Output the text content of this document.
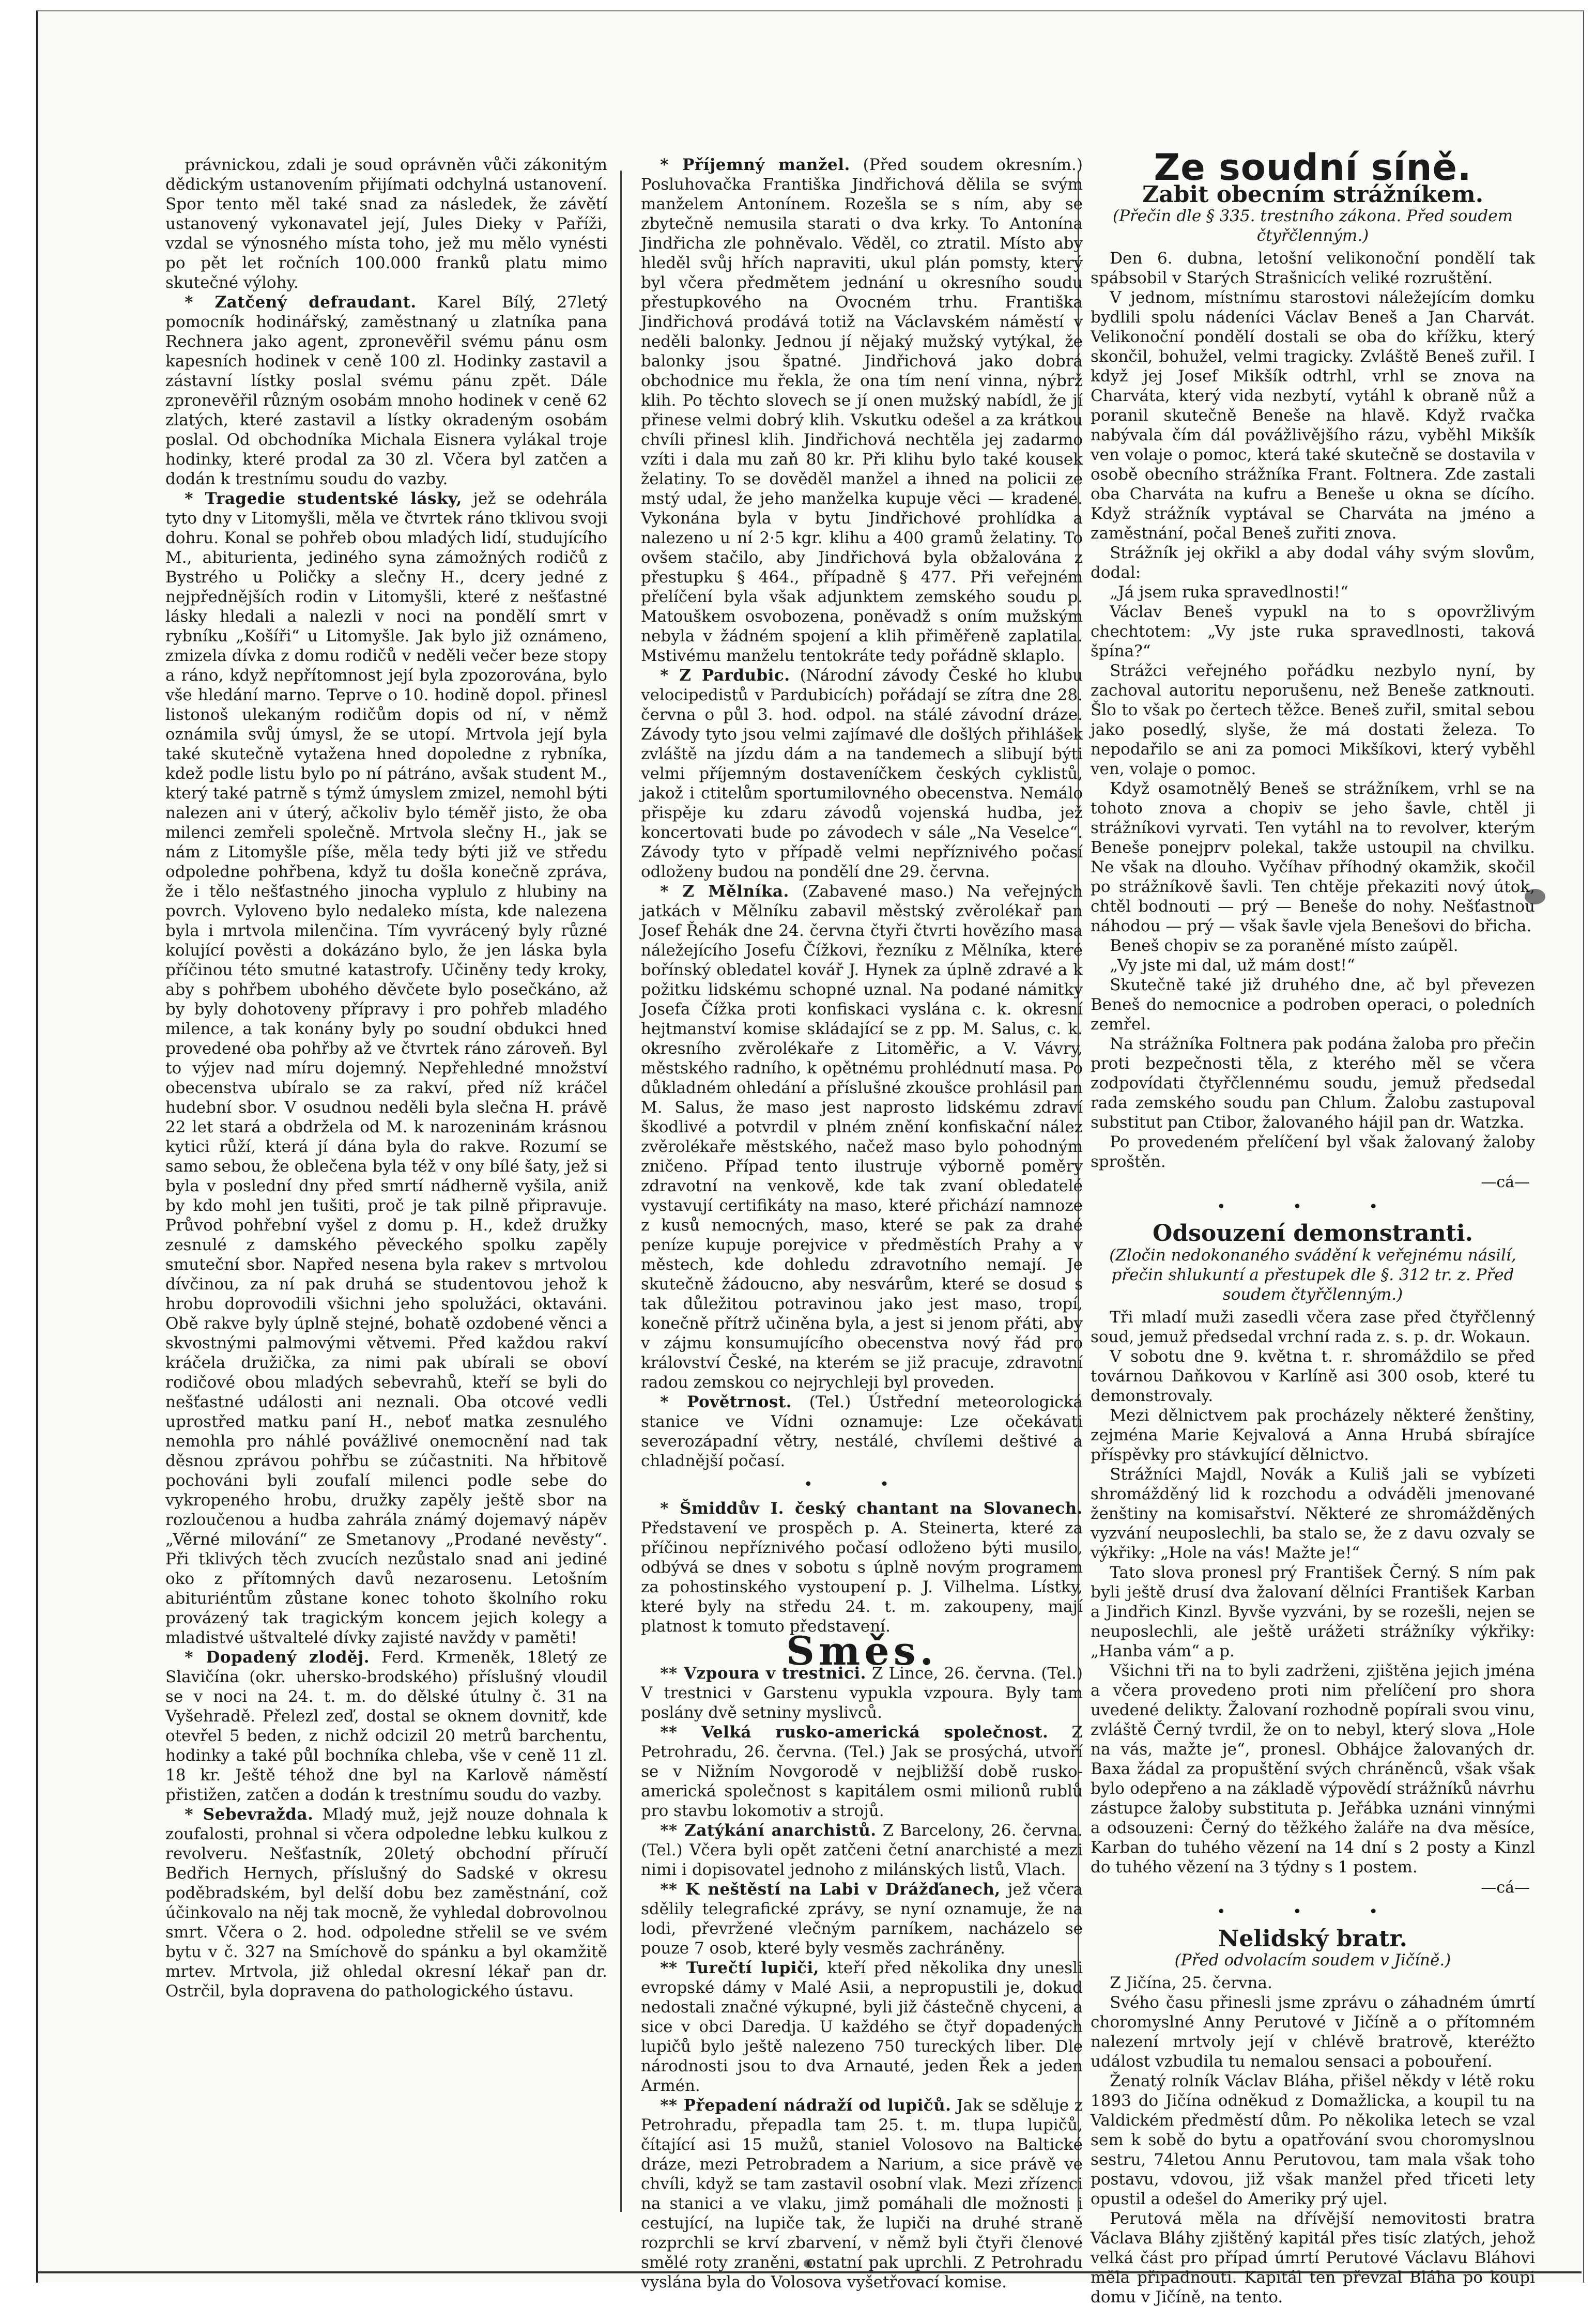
právnickou, zdali je soud oprávněn vůči zákonitým dědickým ustanovením přijímati odchylná ustanovení. Spor tento měl také snad za následek, že závětí ustanovený vykonavatel její, Jules Dieky v Paříži, vzdal se výnosného místa toho, jež mu mělo vynésti po pět let ročních 100.000 franků platu mimo skutečné výlohy.

* Zatčený defraudant. Karel Bílý, 27letý pomocník hodinářský, zaměstnaný u zlatníka pana Rechnera jako agent, zpronevěřil svému pánu osm kapesních hodinek v ceně 100 zl. Hodinky zastavil a zástavní lístky poslal svému pánu zpět. Dále zpronevěřil různým osobám mnoho hodinek v ceně 62 zlatých, které zastavil a lístky okradeným osobám poslal. Od obchodníka Michala Eisnera vylákal troje hodinky, které prodal za 30 zl. Včera byl zatčen a dodán k trestnímu soudu do vazby.

* Tragedie studentské lásky, jež se odehrála tyto dny v Litomyšli, měla ve čtvrtek ráno tklivou svoji dohru. Konal se pohřeb obou mladých lidí, studujícího M., abiturienta, jediného syna zámožných rodičů z Bystrého u Poličky a slečny H., dcery jedné z nejpřednějších rodin v Litomyšli, které z nešťastné lásky hledali a nalezli v noci na pondělí smrt v rybníku „Košíři“ u Litomyšle. Jak bylo již oznámeno, zmizela dívka z domu rodičů v neděli večer beze stopy a ráno, když nepřítomnost její byla zpozorována, bylo vše hledání marno. Teprve o 10. hodině dopol. přinesl listonoš ulekaným rodičům dopis od ní, v němž oznámila svůj úmysl, že se utopí. Mrtvola její byla také skutečně vytažena hned dopoledne z rybníka, kdež podle listu bylo po ní pátráno, avšak student M., který také patrně s týmž úmyslem zmizel, nemohl býti nalezen ani v úterý, ačkoliv bylo téměř jisto, že oba milenci zemřeli společně. Mrtvola slečny H., jak se nám z Litomyšle píše, měla tedy býti již ve středu odpoledne pohřbena, když tu došla konečně zpráva, že i tělo nešťastného jinocha vyplulo z hlubiny na povrch. Vyloveno bylo nedaleko místa, kde nalezena byla i mrtvola milenčina. Tím vyvrácený byly různé kolující pověsti a dokázáno bylo, že jen láska byla příčinou této smutné katastrofy. Učiněny tedy kroky, aby s pohřbem ubohého děvčete bylo posečkáno, až by byly dohotoveny přípravy i pro pohřeb mladého milence, a tak konány byly po soudní obdukci hned provedené oba pohřby až ve čtvrtek ráno zároveň. Byl to výjev nad míru dojemný. Nepřehledné množství obecenstva ubíralo se za rakví, před níž kráčel hudební sbor. V osudnou neděli byla slečna H. právě 22 let stará a obdržela od M. k narozeninám krásnou kytici růží, která jí dána byla do rakve. Rozumí se samo sebou, že oblečena byla též v ony bílé šaty, jež si byla v poslední dny před smrtí nádherně vyšila, aniž by kdo mohl jen tušiti, proč je tak pilně připravuje. Průvod pohřební vyšel z domu p. H., kdež družky zesnulé z damského pěveckého spolku zapěly smuteční sbor. Napřed nesena byla rakev s mrtvolou dívčinou, za ní pak druhá se studentovou jehož k hrobu doprovodili všichni jeho spolužáci, oktaváni. Obě rakve byly úplně stejné, bohatě ozdobené věnci a skvostnými palmovými větvemi. Před každou rakví kráčela družička, za nimi pak ubírali se oboví rodičové obou mladých sebevrahů, kteří se byli do nešťastné události ani neznali. Oba otcové vedli uprostřed matku paní H., neboť matka zesnulého nemohla pro náhlé povážlivé onemocnění nad tak děsnou zprávou pohřbu se zúčastniti. Na hřbitově pochováni byli zoufalí milenci podle sebe do vykropeného hrobu, družky zapěly ještě sbor na rozloučenou a hudba zahrála známý dojemavý nápěv „Věrné milování“ ze Smetanovy „Prodané nevěsty“. Při tklivých těch zvucích nezůstalo snad ani jediné oko z přítomných davů nezarosenu. Letošním abituriéntům zůstane konec tohoto školního roku provázený tak tragickým koncem jejich kolegy a mladistvé uštvaltelé dívky zajisté navždy v paměti!

* Dopadený zloděj. Ferd. Krmeněk, 18letý ze Slavičína (okr. uhersko-brodského) příslušný vloudil se v noci na 24. t. m. do dělské útulny č. 31 na Vyšehradě. Přelezl zeď, dostal se oknem dovnitř, kde otevřel 5 beden, z nichž odcizil 20 metrů barchentu, hodinky a také půl bochníka chleba, vše v ceně 11 zl. 18 kr. Ještě téhož dne byl na Karlově náměstí přistižen, zatčen a dodán k trestnímu soudu do vazby.

* Sebevražda. Mladý muž, jejž nouze dohnala k zoufalosti, prohnal si včera odpoledne lebku kulkou z revolveru. Nešťastník, 20letý obchodní příručí Bedřich Hernych, příslušný do Sadské v okresu poděbradském, byl delší dobu bez zaměstnání, což účinkovalo na něj tak mocně, že vyhledal dobrovolnou smrt. Včera o 2. hod. odpoledne střelil se ve svém bytu v č. 327 na Smíchově do spánku a byl okamžitě mrtev. Mrtvola, již ohledal okresní lékař pan dr. Ostrčil, byla dopravena do pathologického ústavu.

* Příjemný manžel. (Před soudem okresním.) Posluhovačka Františka Jindřichová dělila se svým manželem Antonínem. Rozešla se s ním, aby se zbytečně nemusila starati o dva krky. To Antonína Jindřicha zle pohněvalo. Věděl, co ztratil. Místo aby hleděl svůj hřích napraviti, ukul plán pomsty, který byl včera předmětem jednání u okresního soudu přestupkového na Ovocném trhu. Františka Jindřichová prodává totiž na Václavském náměstí v neděli balonky. Jednou jí nějaký mužský vytýkal, že balonky jsou špatné. Jindřichová jako dobrá obchodnice mu řekla, že ona tím není vinna, nýbrž klih. Po těchto slovech se jí onen mužský nabídl, že jí přinese velmi dobrý klih. Vskutku odešel a za krátkou chvíli přinesl klih. Jindřichová nechtěla jej zadarmo vzíti i dala mu zaň 80 kr. Při klihu bylo také kousek želatiny. To se dověděl manžel a ihned na policii ze mstý udal, že jeho manželka kupuje věci — kradené. Vykonána byla v bytu Jindřichové prohlídka a nalezeno u ní 2·5 kgr. klihu a 400 gramů želatiny. To ovšem stačilo, aby Jindřichová byla obžalována z přestupku § 464., případně § 477. Při veřejném přelíčení byla však adjunktem zemského soudu p. Matouškem osvobozena, poněvadž s oním mužským nebyla v žádném spojení a klih přiměřeně zaplatila. Mstivému manželu tentokráte tedy pořádně sklaplo.

* Z Pardubic. (Národní závody České ho klubu velocipedistů v Pardubicích) pořádají se zítra dne 28. června o půl 3. hod. odpol. na stálé závodní dráze. Závody tyto jsou velmi zajímavé dle došlých přihlášek zvláště na jízdu dám a na tandemech a slibují býti velmi příjemným dostaveníčkem českých cyklistů, jakož i ctitelům sportumilovného obecenstva. Nemálo přispěje ku zdaru závodů vojenská hudba, jež koncertovati bude po závodech v sále „Na Veselce“. Závody tyto v případě velmi nepříznivého počasí odloženy budou na pondělí dne 29. června.

* Z Mělníka. (Zabavené maso.) Na veřejných jatkách v Mělníku zabavil městský zvěrolékař pan Josef Řehák dne 24. června čtyři čtvrti hovězího masa náležejícího Josefu Čížkovi, řezníku z Mělníka, které bořínský obledatel kovář J. Hynek za úplně zdravé a k požitku lidskému schopné uznal. Na podané námitky Josefa Čížka proti konfiskaci vyslána c. k. okresní hejtmanství komise skládající se z pp. M. Salus, c. k. okresního zvěrolékaře z Litoměřic, a V. Vávry, městského radního, k opětnému prohlédnutí masa. Po důkladném ohledání a příslušné zkoušce prohlásil pan M. Salus, že maso jest naprosto lidskému zdraví škodlivé a potvrdil v plném znění konfiskační nález zvěrolékaře městského, načež maso bylo pohodným zničeno. Případ tento ilustruje výborně poměry zdravotní na venkově, kde tak zvaní obledatelé vystavují certifikáty na maso, které přichází namnoze z kusů nemocných, maso, které se pak za drahé peníze kupuje porejvice v předměstích Prahy a v městech, kde dohledu zdravotního nemají. Je skutečně žádoucno, aby nesvárům, které se dosud s tak důležitou potravinou jako jest maso, tropí, konečně přítrž učiněna byla, a jest si jenom přáti, aby v zájmu konsumujícího obecenstva nový řád pro království České, na kterém se již pracuje, zdravotní radou zemskou co nejrychleji byl proveden.

* Povětrnost. (Tel.) Ústřední meteorologická stanice ve Vídni oznamuje: Lze očekávati severozápadní větry, nestálé, chvílemi deštivé a chladnější počasí.

• •

* Šmiddův I. český chantant na Slovanech. Představení ve prospěch p. A. Steinerta, které za příčinou nepříznivého počasí odloženo býti musilo, odbývá se dnes v sobotu s úplně novým programem za pohostinského vystoupení p. J. Vilhelma. Lístky, které byly na středu 24. t. m. zakoupeny, mají platnost k tomuto představení.

Směs.

** Vzpoura v trestnici. Z Lince, 26. června. (Tel.) V trestnici v Garstenu vypukla vzpoura. Byly tam poslány dvě setniny myslivců.

** Velká rusko-americká společnost. Z Petrohradu, 26. června. (Tel.) Jak se prosýchá, utvoří se v Nižním Novgorodě v nejbližší době rusko-americká společnost s kapitálem osmi milionů rublů pro stavbu lokomotiv a strojů.

** Zatýkání anarchistů. Z Barcelony, 26. června. (Tel.) Včera byli opět zatčeni četní anarchisté a mezi nimi i dopisovatel jednoho z milánských listů, Vlach.

** K neštěstí na Labi v Drážďanech, jež včera sdělily telegrafické zprávy, se nyní oznamuje, že na lodi, převržené vlečným parníkem, nacházelo se pouze 7 osob, které byly vesměs zachráněny.

** Turečtí lupiči, kteří před několika dny unesli evropské dámy v Malé Asii, a nepropustili je, dokud nedostali značné výkupné, byli již částečně chyceni, a sice v obci Daredja. U každého se čtyř dopadených lupičů bylo ještě nalezeno 750 tureckých liber. Dle národnosti jsou to dva Arnauté, jeden Řek a jeden Armén.

** Přepadení nádraží od lupičů. Jak se sděluje z Petrohradu, přepadla tam 25. t. m. tlupa lupičů, čítající asi 15 mužů, staniel Volosovo na Baltické dráze, mezi Petrobradem a Narium, a sice právě ve chvíli, když se tam zastavil osobní vlak. Mezi zřízenci na stanici a ve vlaku, jimž pomáhali dle možnosti i cestující, na lupiče tak, že lupiči na druhé straně rozprchli se krví zbarvení, v němž byli čtyři členové smělé roty zraněni, ostatní pak uprchli. Z Petrohradu vyslána byla do Volosova vyšetřovací komise.

Ze soudní síně.
Zabit obecním strážníkem.
(Přečin dle § 335. trestního zákona. Před soudem čtyřčlenným.)

Den 6. dubna, letošní velikonoční pondělí tak spábsobil v Starých Strašnicích veliké rozruštění.

V jednom, místnímu starostovi náležejícím domku bydlili spolu nádeníci Václav Beneš a Jan Charvát. Velikonoční pondělí dostali se oba do křížku, který skončil, bohužel, velmi tragicky. Zvláště Beneš zuřil. I když jej Josef Mikšík odtrhl, vrhl se znova na Charváta, který vida nezbytí, vytáhl k obraně nůž a poranil skutečně Beneše na hlavě. Když rvačka nabývala čím dál povážlivějšího rázu, vyběhl Mikšík ven volaje o pomoc, která také skutečně se dostavila v osobě obecního strážníka Frant. Foltnera. Zde zastali oba Charváta na kufru a Beneše u okna se dícího. Když strážník vyptával se Charváta na jméno a zaměstnání, počal Beneš zuřiti znova.

Strážník jej okřikl a aby dodal váhy svým slovům, dodal:

„Já jsem ruka spravedlnosti!“

Václav Beneš vypukl na to s opovržlivým chechtotem: „Vy jste ruka spravedlnosti, taková špína?“

Strážci veřejného pořádku nezbylo nyní, by zachoval autoritu neporušenu, než Beneše zatknouti. Šlo to však po čertech těžce. Beneš zuřil, smital sebou jako posedlý, slyše, že má dostati železa. To nepodařilo se ani za pomoci Mikšíkovi, který vyběhl ven, volaje o pomoc.

Když osamotnělý Beneš se strážníkem, vrhl se na tohoto znova a chopiv se jeho šavle, chtěl ji strážníkovi vyrvati. Ten vytáhl na to revolver, kterým Beneše ponejprv polekal, takže ustoupil na chvilku. Ne však na dlouho. Vyčíhav příhodný okamžik, skočil po strážníkově šavli. Ten chtěje překaziti nový útok, chtěl bodnouti — prý — Beneše do nohy. Nešťastnou náhodou — prý — však šavle vjela Benešovi do břicha.

Beneš chopiv se za poraněné místo zaúpěl.

„Vy jste mi dal, už mám dost!“

Skutečně také již druhého dne, ač byl převezen Beneš do nemocnice a podroben operaci, o poledních zemřel.

Na strážníka Foltnera pak podána žaloba pro přečin proti bezpečnosti těla, z kterého měl se včera zodpovídati čtyřčlennému soudu, jemuž předsedal rada zemského soudu pan Chlum. Žalobu zastupoval substitut pan Ctibor, žalovaného hájil pan dr. Watzka.

Po provedeném přelíčení byl však žalovaný žaloby sproštěn.

—cá—
• • •
Odsouzení demonstranti.
(Zločin nedokonaného svádění k veřejnému násilí, přečin shlukuntí a přestupek dle §. 312 tr. z. Před soudem čtyřčlenným.)

Tři mladí muži zasedli včera zase před čtyřčlenný soud, jemuž předsedal vrchní rada z. s. p. dr. Wokaun.

V sobotu dne 9. května t. r. shromáždilo se před továrnou Daňkovou v Karlíně asi 300 osob, které tu demonstrovaly.

Mezi dělnictvem pak procházely některé ženštiny, zejména Marie Kejvalová a Anna Hrubá sbírajíce příspěvky pro stávkující dělnictvo.

Strážníci Majdl, Novák a Kuliš jali se vybízeti shromážděný lid k rozchodu a odváděli jmenované ženštiny na komisařství. Některé ze shromážděných vyzvání neuposlechli, ba stalo se, že z davu ozvaly se výkřiky: „Hole na vás! Mažte je!“

Tato slova pronesl prý František Černý. S ním pak byli ještě drusí dva žalovaní dělníci František Karban a Jindřich Kinzl. Byvše vyzváni, by se rozešli, nejen se neuposlechli, ale ještě urážeti strážníky výkřiky: „Hanba vám“ a p.

Všichni tři na to byli zadrženi, zjištěna jejich jména a včera provedeno proti nim přelíčení pro shora uvedené delikty. Žalovaní rozhodně popírali svou vinu, zvláště Černý tvrdil, že on to nebyl, který slova „Hole na vás, mažte je“, pronesl. Obhájce žalovaných dr. Baxa žádal za propuštění svých chráněnců, však však bylo odepřeno a na základě výpovědí strážníků návrhu zástupce žaloby substituta p. Jeřábka uznáni vinnými a odsouzeni: Černý do těžkého žaláře na dva měsíce, Karban do tuhého vězení na 14 dní s 2 posty a Kinzl do tuhého vězení na 3 týdny s 1 postem.

—cá—
• • •
Nelidský bratr.
(Před odvolacím soudem v Jičíně.)

Z Jičína, 25. června.

Svého času přinesli jsme zprávu o záhadném úmrtí choromyslné Anny Perutové v Jičíně a o přítomném nalezení mrtvoly její v chlévě bratrově, kteréžto událost vzbudila tu nemalou sensaci a pobouření.

Ženatý rolník Václav Bláha, přišel někdy v létě roku 1893 do Jičína odněkud z Domažlicka, a koupil tu na Valdickém předměstí dům. Po několika letech se vzal sem k sobě do bytu a opatřování svou choromyslnou sestru, 74letou Annu Perutovou, tam mala však toho postavu, vdovou, již však manžel před třiceti lety opustil a odešel do Ameriky prý ujel.

Perutová měla na dřívější nemovitosti bratra Václava Bláhy zjištěný kapitál přes tisíc zlatých, jehož velká část pro případ úmrtí Perutové Václavu Bláhovi měla připadnouti. Kapitál ten převzal Bláha po koupi domu v Jičíně, na tento.
